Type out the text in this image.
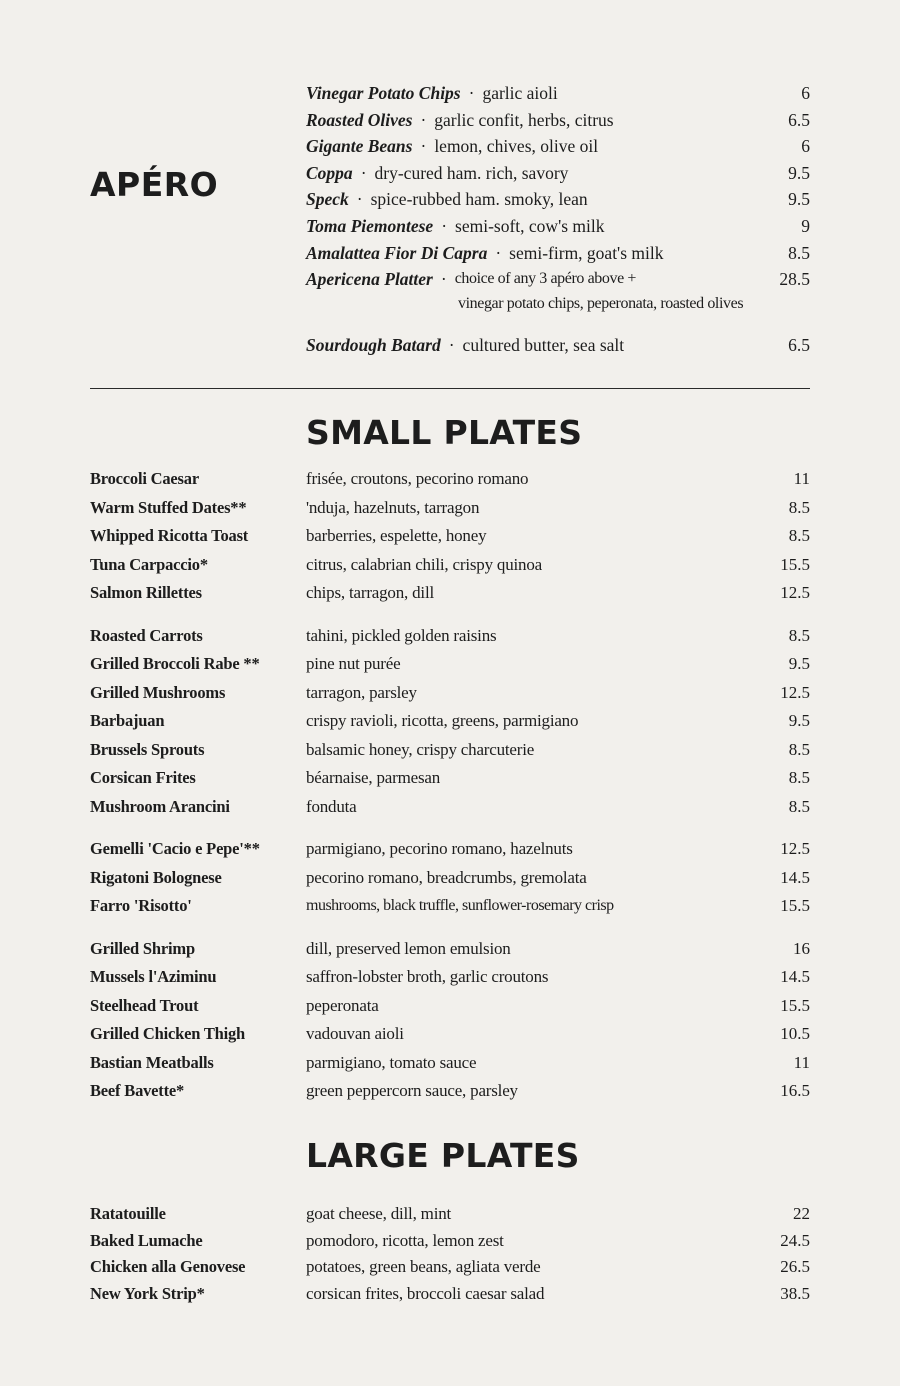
APÉRO
Vinegar Potato Chips · garlic aioli	6
Roasted Olives · garlic confit, herbs, citrus	6.5
Gigante Beans · lemon, chives, olive oil	6
Coppa · dry-cured ham. rich, savory	9.5
Speck · spice-rubbed ham. smoky, lean	9.5
Toma Piemontese · semi-soft, cow's milk	9
Amalattea Fior Di Capra · semi-firm, goat's milk	8.5
Apericena Platter · choice of any 3 apéro above +	28.5
vinegar potato chips, peperonata, roasted olives
Sourdough Batard · cultured butter, sea salt	6.5
SMALL PLATES
Broccoli Caesar	frisée, croutons, pecorino romano	11
Warm Stuffed Dates**	'nduja, hazelnuts, tarragon	8.5
Whipped Ricotta Toast	barberries, espelette, honey	8.5
Tuna Carpaccio*	citrus, calabrian chili, crispy quinoa	15.5
Salmon Rillettes	chips, tarragon, dill	12.5
Roasted Carrots	tahini, pickled golden raisins	8.5
Grilled Broccoli Rabe **	pine nut purée	9.5
Grilled Mushrooms	tarragon, parsley	12.5
Barbajuan	crispy ravioli, ricotta, greens, parmigiano	9.5
Brussels Sprouts	balsamic honey, crispy charcuterie	8.5
Corsican Frites	béarnaise, parmesan	8.5
Mushroom Arancini	fonduta	8.5
Gemelli 'Cacio e Pepe'**	parmigiano, pecorino romano, hazelnuts	12.5
Rigatoni Bolognese	pecorino romano, breadcrumbs, gremolata	14.5
Farro 'Risotto'	mushrooms, black truffle, sunflower-rosemary crisp	15.5
Grilled Shrimp	dill, preserved lemon emulsion	16
Mussels l'Aziminu	saffron-lobster broth, garlic croutons	14.5
Steelhead Trout	peperonata	15.5
Grilled Chicken Thigh	vadouvan aioli	10.5
Bastian Meatballs	parmigiano, tomato sauce	11
Beef Bavette*	green peppercorn sauce, parsley	16.5
LARGE PLATES
Ratatouille	goat cheese, dill, mint	22
Baked Lumache	pomodoro, ricotta, lemon zest	24.5
Chicken alla Genovese	potatoes, green beans, agliata verde	26.5
New York Strip*	corsican frites, broccoli caesar salad	38.5
